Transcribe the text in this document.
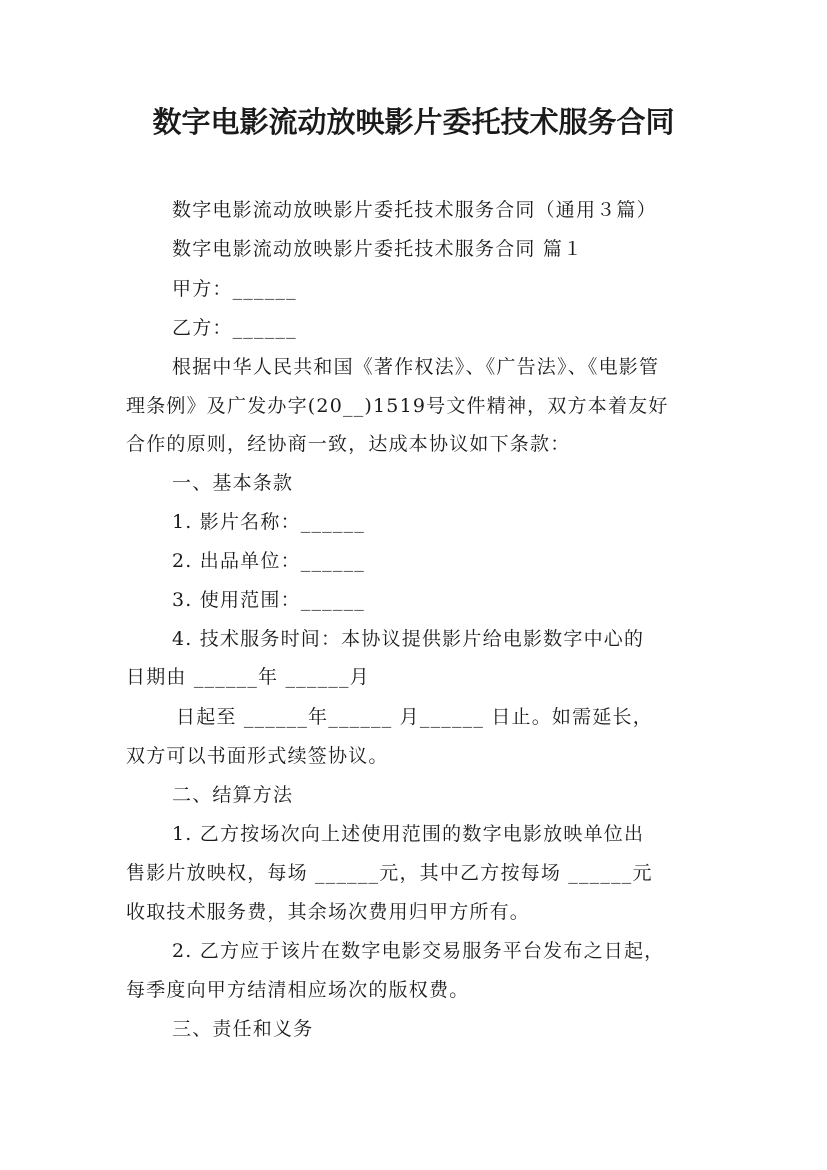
数字电影流动放映影片委托技术服务合同

数字电影流动放映影片委托技术服务合同（通用３篇）

数字电影流动放映影片委托技术服务合同 篇１

甲方：______

乙方：______

根据中华人民共和国《著作权法》、《广告法》、《电影管

理条例》及广发办字(20__)1519号文件精神，双方本着友好

合作的原则，经协商一致，达成本协议如下条款：

一、基本条款

1. 影片名称：______

2. 出品单位：______

3. 使用范围：______

4. 技术服务时间：本协议提供影片给电影数字中心的

日期由 ______年 ______月

日起至 ______年______ 月______ 日止。如需延长，

双方可以书面形式续签协议。

二、结算方法

1. 乙方按场次向上述使用范围的数字电影放映单位出

售影片放映权，每场 ______元，其中乙方按每场 ______元

收取技术服务费，其余场次费用归甲方所有。

2. 乙方应于该片在数字电影交易服务平台发布之日起，

每季度向甲方结清相应场次的版权费。

三、责任和义务
